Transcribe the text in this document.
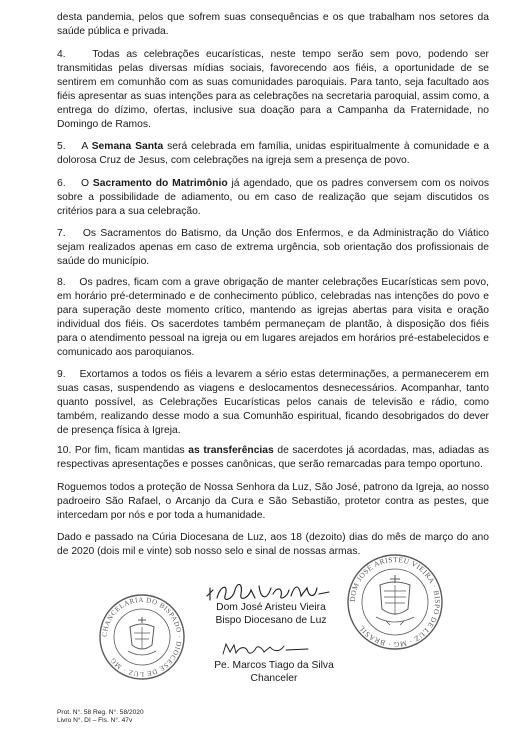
desta pandemia, pelos que sofrem suas consequências e os que trabalham nos setores da saúde pública e privada.

4.    Todas as celebrações eucarísticas, neste tempo serão sem povo, podendo ser transmitidas pelas diversas mídias sociais, favorecendo aos fiéis, a oportunidade de se sentirem em comunhão com as suas comunidades paroquiais. Para tanto, seja facultado aos fiéis apresentar as suas intenções para as celebrações na secretaria paroquial, assim como, a entrega do dízimo, ofertas, inclusive sua doação para a Campanha da Fraternidade, no Domingo de Ramos.

5.    A Semana Santa será celebrada em família, unidas espiritualmente à comunidade e a dolorosa Cruz de Jesus, com celebrações na igreja sem a presença de povo.

6.    O Sacramento do Matrimônio já agendado, que os padres conversem com os noivos sobre a possibilidade de adiamento, ou em caso de realização que sejam discutidos os critérios para a sua celebração.

7.    Os Sacramentos do Batismo, da Unção dos Enfermos, e da Administração do Viático sejam realizados apenas em caso de extrema urgência, sob orientação dos profissionais de saúde do município.

8.    Os padres, ficam com a grave obrigação de manter celebrações Eucarísticas sem povo, em horário pré-determinado e de conhecimento público, celebradas nas intenções do povo e para superação deste momento crítico, mantendo as igrejas abertas para visita e oração individual dos fiéis. Os sacerdotes também permaneçam de plantão, à disposição dos fiéis para o atendimento pessoal na igreja ou em lugares arejados em horários pré-estabelecidos e comunicado aos paroquianos.

9.    Exortamos a todos os fiéis a levarem a sério estas determinações, a permanecerem em suas casas, suspendendo as viagens e deslocamentos desnecessários. Acompanhar, tanto quanto possível, as Celebrações Eucarísticas pelos canais de televisão e rádio, como também, realizando desse modo a sua Comunhão espiritual, ficando desobrigados do dever de presença física à Igreja.

10. Por fim, ficam mantidas as transferências de sacerdotes já acordadas, mas, adiadas as respectivas apresentações e posses canônicas, que serão remarcadas para tempo oportuno.

Roguemos todos a proteção de Nossa Senhora da Luz, São José, patrono da Igreja, ao nosso padroeiro São Rafael, o Arcanjo da Cura e São Sebastião, protetor contra as pestes, que intercedam por nós e por toda a humanidade.

Dado e passado na Cúria Diocesana de Luz, aos 18 (dezoito) dias do mês de março do ano de 2020 (dois mil e vinte) sob nosso selo e sinal de nossas armas.

CHANCELARIA DO BISPADO · DIOCESE DE LUZ · MG
Dom José Aristeu Vieira
Bispo Diocesano de Luz
DOM JOSÉ ARISTEU VIEIRA · BISPO DE LUZ · MG · BRASIL
Pe. Marcos Tiago da Silva
Chanceler
Prot. N°. 58 Reg. N°. 58/2020
Livro N°. DI – Fls. N°. 47v
